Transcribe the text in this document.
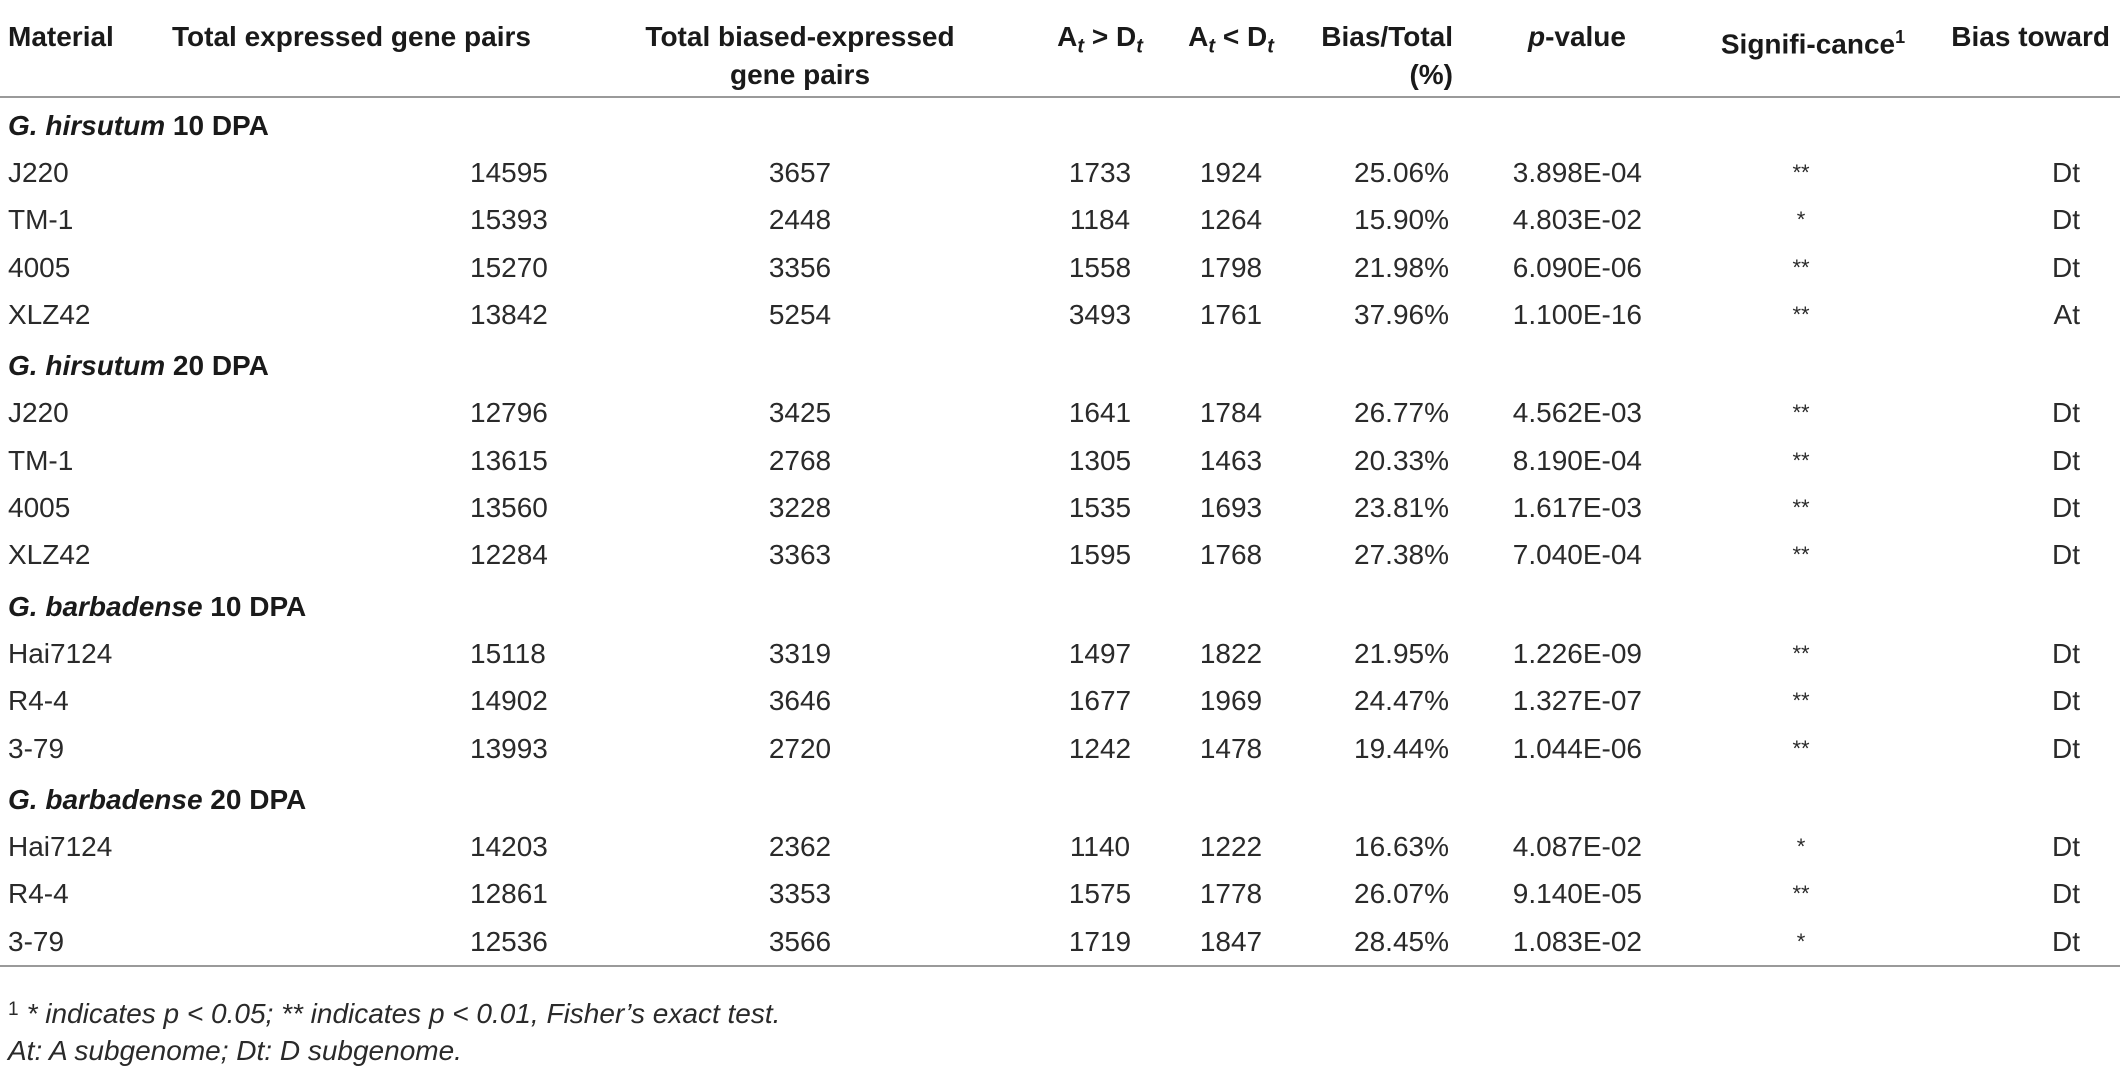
Material	Total expressed gene pairs	Total biased-expressed gene pairs	$A_t > D_t$	$A_t < D_t$	Bias/Total (%)	p-value	Signifi-cance$^1$	Bias toward
G. hirsutum 10 DPA								
J220	14595	3657	1733	1924	25.06%	3.898E-04	**	Dt
TM-1	15393	2448	1184	1264	15.90%	4.803E-02	*	Dt
4005	15270	3356	1558	1798	21.98%	6.090E-06	**	Dt
XLZ42	13842	5254	3493	1761	37.96%	1.100E-16	**	At
G. hirsutum 20 DPA								
J220	12796	3425	1641	1784	26.77%	4.562E-03	**	Dt
TM-1	13615	2768	1305	1463	20.33%	8.190E-04	**	Dt
4005	13560	3228	1535	1693	23.81%	1.617E-03	**	Dt
XLZ42	12284	3363	1595	1768	27.38%	7.040E-04	**	Dt
G. barbadense 10 DPA								
Hai7124	15118	3319	1497	1822	21.95%	1.226E-09	**	Dt
R4-4	14902	3646	1677	1969	24.47%	1.327E-07	**	Dt
3-79	13993	2720	1242	1478	19.44%	1.044E-06	**	Dt
G. barbadense 20 DPA								
Hai7124	14203	2362	1140	1222	16.63%	4.087E-02	*	Dt
R4-4	12861	3353	1575	1778	26.07%	9.140E-05	**	Dt
3-79	12536	3566	1719	1847	28.45%	1.083E-02	*	Dt
$^1$ * indicates p < 0.05; ** indicates p < 0.01, Fisher’s exact test.
At: A subgenome; Dt: D subgenome.
